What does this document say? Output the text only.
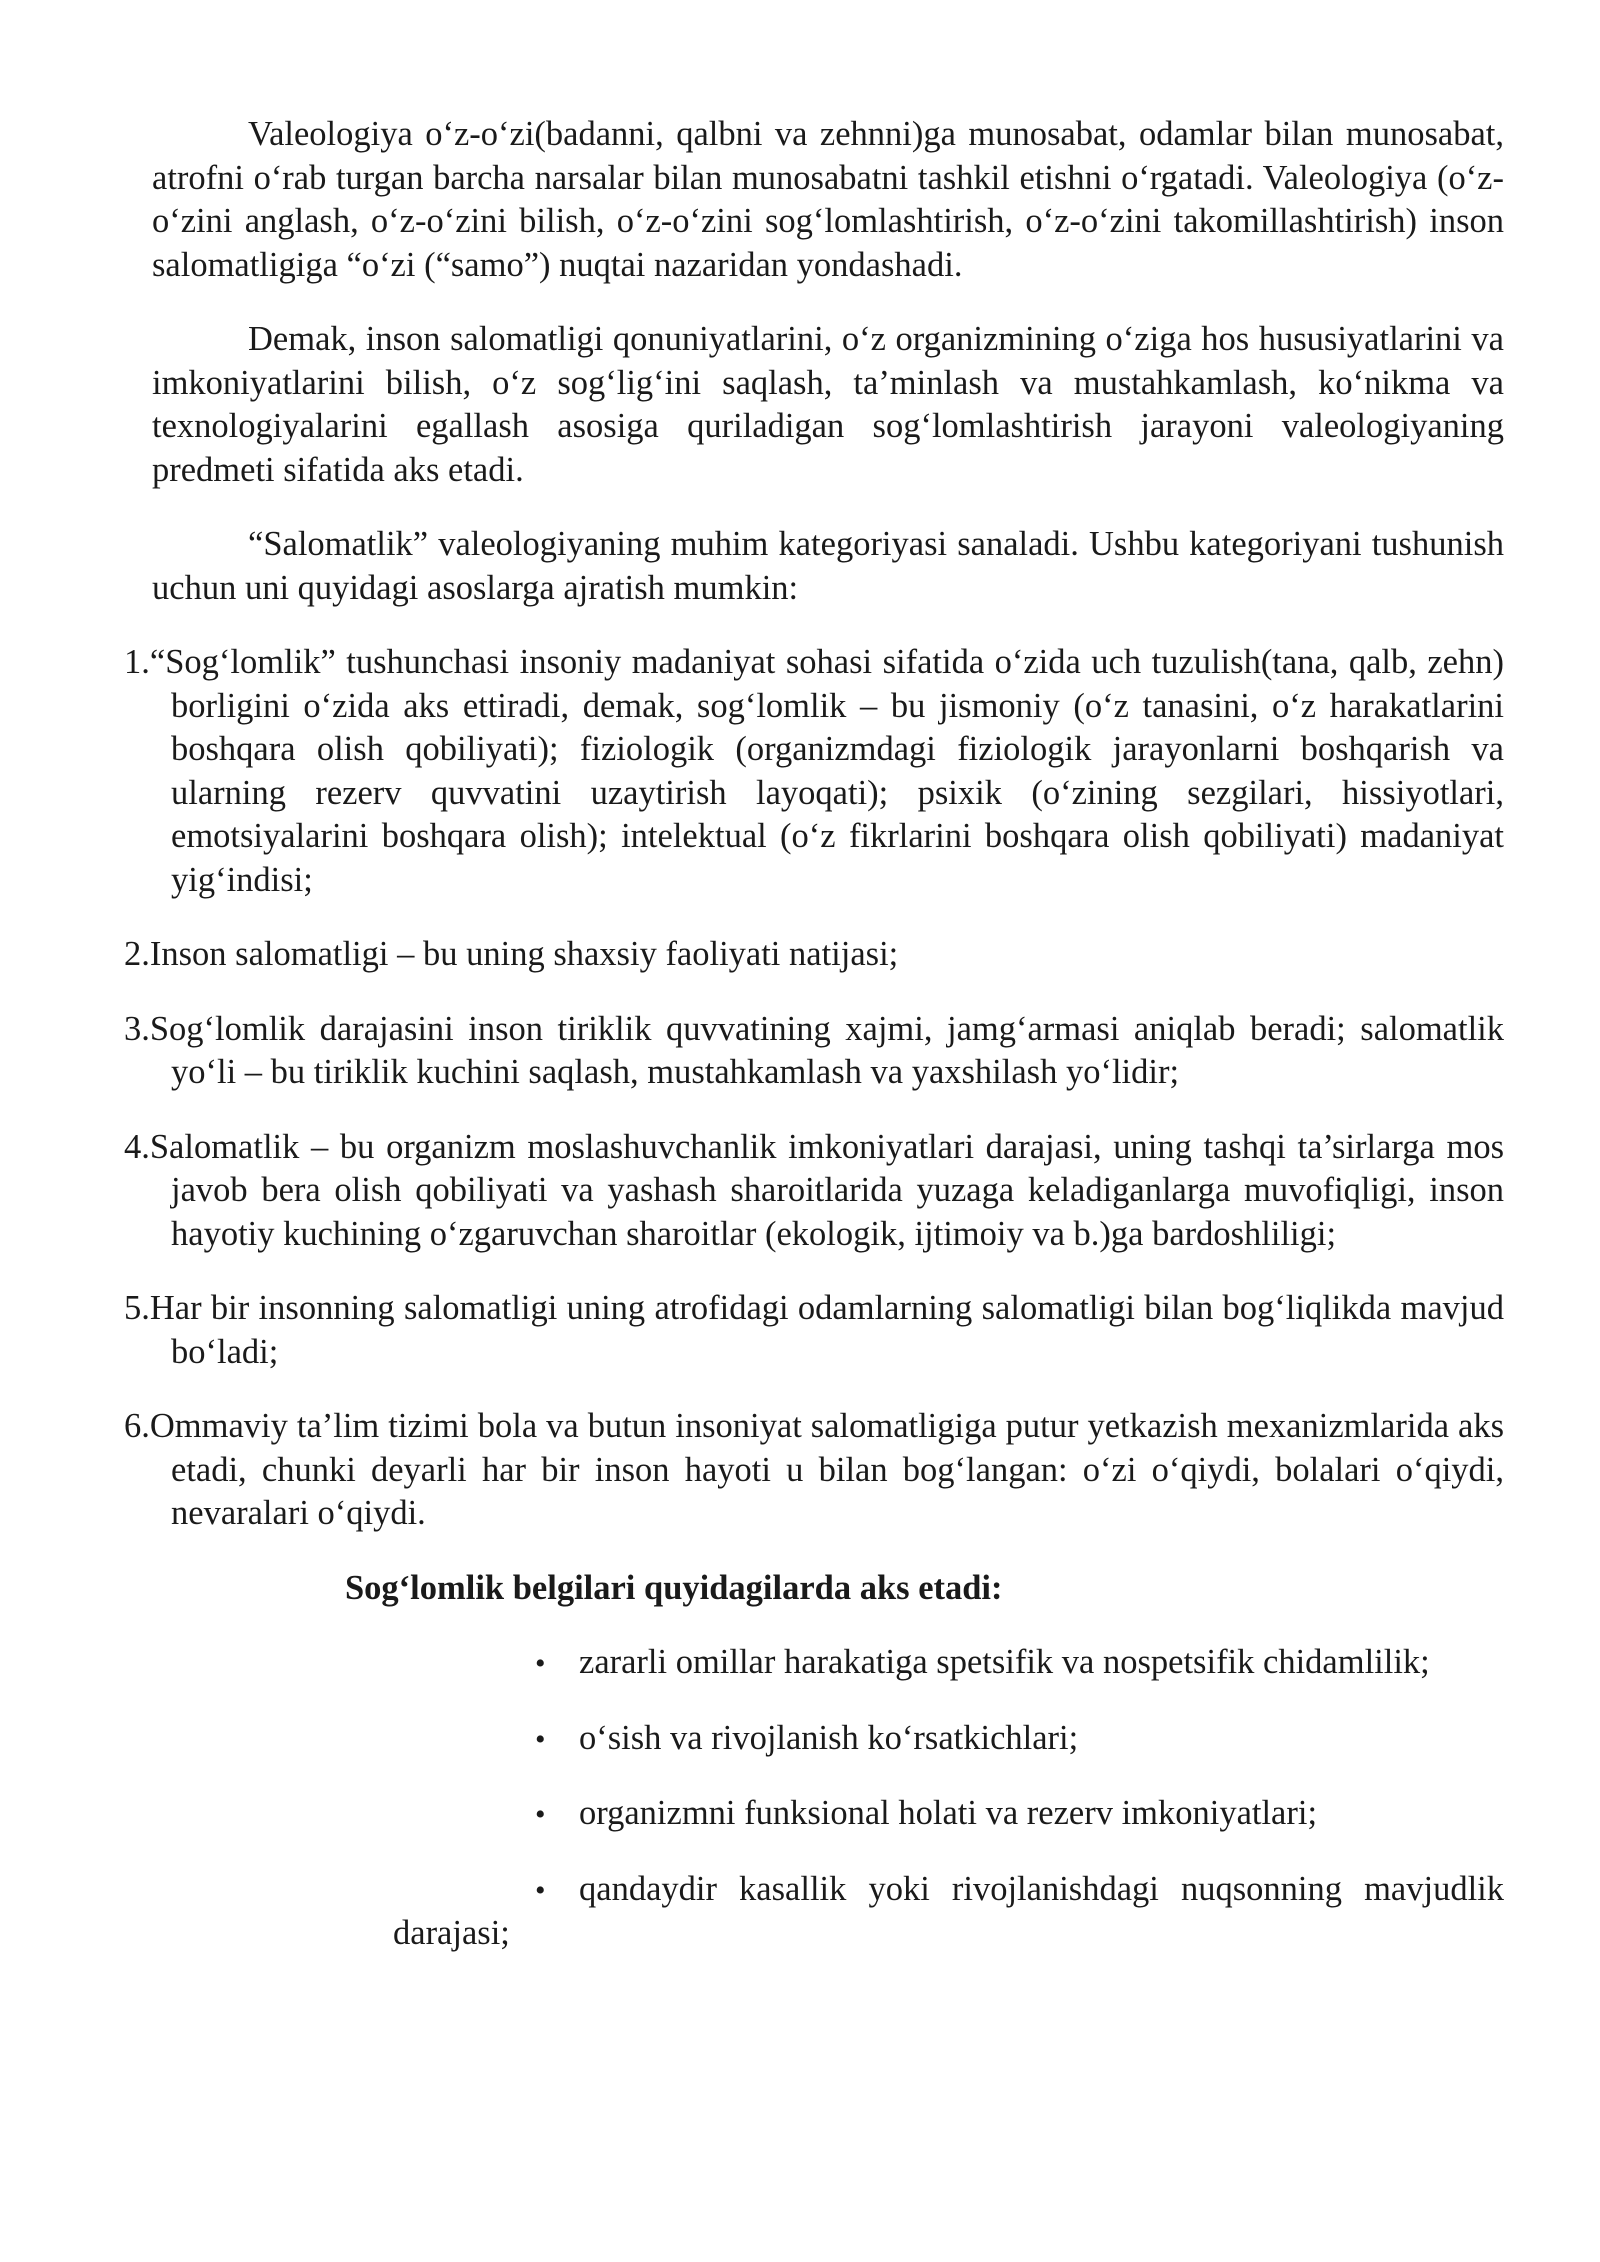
Valeologiya o‘z-o‘zi(badanni, qalbni va zehnni)ga munosabat, odamlar bilan munosabat, atrofni o‘rab turgan barcha narsalar bilan munosabatni tashkil etishni o‘rgatadi. Valeologiya (o‘z-o‘zini anglash, o‘z-o‘zini bilish, o‘z-o‘zini sog‘lomlashtirish, o‘z-o‘zini takomillashtirish) inson salomatligiga “o‘zi (“samo”) nuqtai nazaridan yondashadi.

Demak, inson salomatligi qonuniyatlarini, o‘z organizmining o‘ziga hos hususiyatlarini va imkoniyatlarini bilish, o‘z sog‘lig‘ini saqlash, ta’minlash va mustahkamlash, ko‘nikma va texnologiyalarini egallash asosiga quriladigan sog‘lomlashtirish jarayoni valeologiyaning predmeti sifatida aks etadi.

“Salomatlik” valeologiyaning muhim kategoriyasi sanaladi. Ushbu kategoriyani tushunish uchun uni quyidagi asoslarga ajratish mumkin:

1.“Sog‘lomlik” tushunchasi insoniy madaniyat sohasi sifatida o‘zida uch tuzulish(tana, qalb, zehn) borligini o‘zida aks ettiradi, demak, sog‘lomlik – bu jismoniy (o‘z tanasini, o‘z harakatlarini boshqara olish qobiliyati); fiziologik (organizmdagi fiziologik jarayonlarni boshqarish va ularning rezerv quvvatini uzaytirish layoqati); psixik (o‘zining sezgilari, hissiyotlari, emotsiyalarini boshqara olish); intelektual (o‘z fikrlarini boshqara olish qobiliyati) madaniyat yig‘indisi;
2.Inson salomatligi – bu uning shaxsiy faoliyati natijasi;
3.Sog‘lomlik darajasini inson tiriklik quvvatining xajmi, jamg‘armasi aniqlab beradi; salomatlik yo‘li – bu tiriklik kuchini saqlash, mustahkamlash va yaxshilash yo‘lidir;
4.Salomatlik – bu organizm moslashuvchanlik imkoniyatlari darajasi, uning tashqi ta’sirlarga mos javob bera olish qobiliyati va yashash sharoitlarida yuzaga keladiganlarga muvofiqligi, inson hayotiy kuchining o‘zgaruvchan sharoitlar (ekologik, ijtimoiy va b.)ga bardoshliligi;
5.Har bir insonning salomatligi uning atrofidagi odamlarning salomatligi bilan bog‘liqlikda mavjud bo‘ladi;
6.Ommaviy ta’lim tizimi bola va butun insoniyat salomatligiga putur yetkazish mexanizmlarida aks etadi, chunki deyarli har bir inson hayoti u bilan bog‘langan: o‘zi o‘qiydi, bolalari o‘qiydi, nevaralari o‘qiydi.

Sog‘lomlik belgilari quyidagilarda aks etadi:

• zararli omillar harakatiga spetsifik va nospetsifik chidamlilik;

• o‘sish va rivojlanish ko‘rsatkichlari;

• organizmni funksional holati va rezerv imkoniyatlari;

• qandaydir kasallik yoki rivojlanishdagi nuqsonning mavjudlik darajasi;
